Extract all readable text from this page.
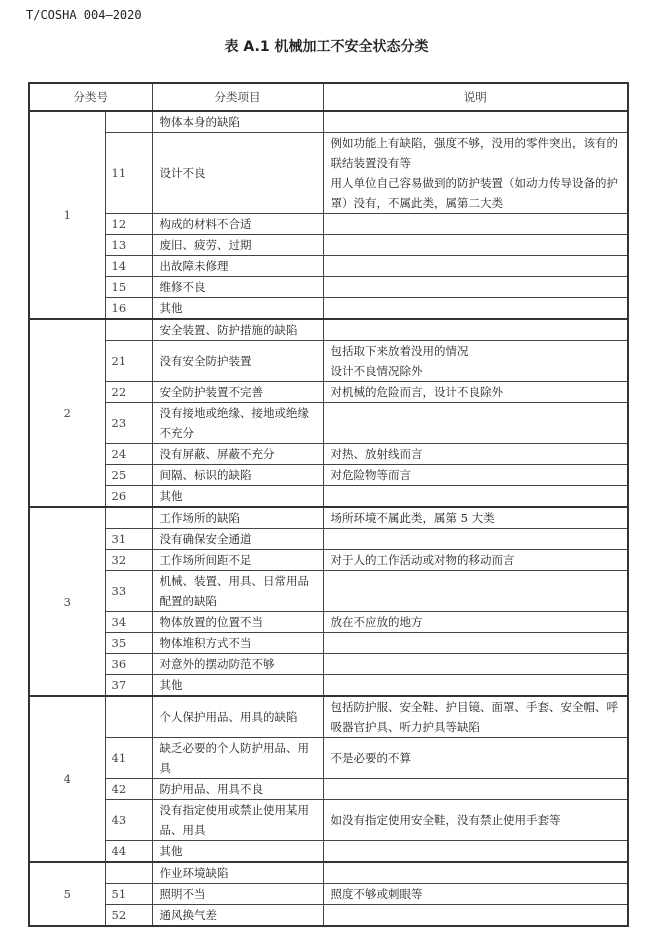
T/COSHA 004—2020
表 A.1 机械加工不安全状态分类
分类号		分类项目	说明
1		物体本身的缺陷	
	11	设计不良	例如功能上有缺陷，强度不够，没用的零件突出，该有的联结装置没有等
用人单位自己容易做到的防护装置（如动力传导设备的护罩）没有，不属此类，属第二大类
	12	构成的材料不合适	
	13	废旧、疲劳、过期	
	14	出故障未修理	
	15	维修不良	
	16	其他	
2		安全装置、防护措施的缺陷	
	21	没有安全防护装置	包括取下来放着没用的情况
设计不良情况除外
	22	安全防护装置不完善	对机械的危险而言，设计不良除外
	23	没有接地或绝缘、接地或绝缘不充分	
	24	没有屏蔽、屏蔽不充分	对热、放射线而言
	25	间隔、标识的缺陷	对危险物等而言
	26	其他	
3		工作场所的缺陷	场所环境不属此类，属第 5 大类
	31	没有确保安全通道	
	32	工作场所间距不足	对于人的工作活动或对物的移动而言
	33	机械、装置、用具、日常用品配置的缺陷	
	34	物体放置的位置不当	放在不应放的地方
	35	物体堆积方式不当	
	36	对意外的摆动防范不够	
	37	其他	
4		个人保护用品、用具的缺陷	包括防护服、安全鞋、护目镜、面罩、手套、安全帽、呼吸器官护具、听力护具等缺陷
	41	缺乏必要的个人防护用品、用具	不是必要的不算
	42	防护用品、用具不良	
	43	没有指定使用或禁止使用某用品、用具	如没有指定使用安全鞋，没有禁止使用手套等
	44	其他	
5		作业环境缺陷	
	51	照明不当	照度不够或刺眼等
	52	通风换气差	
